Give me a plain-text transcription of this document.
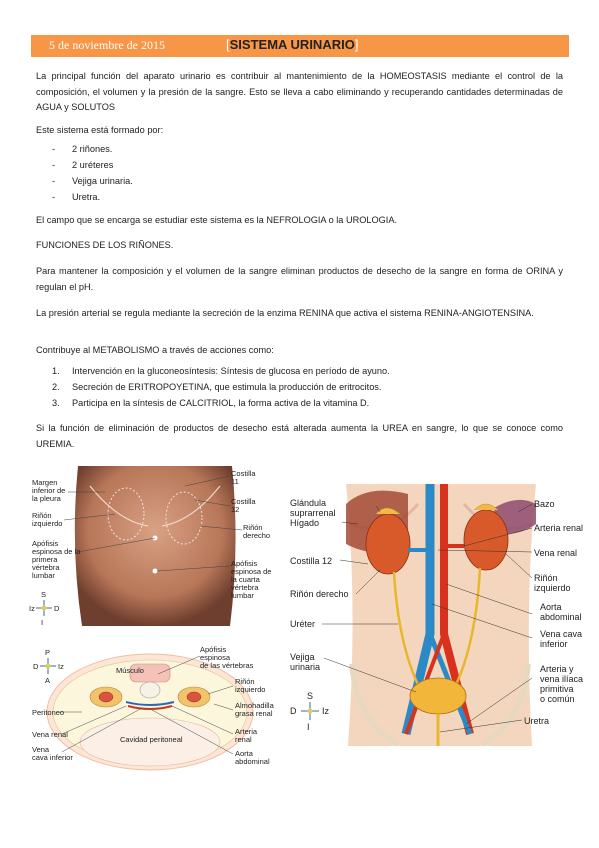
5 de noviembre de 2015	[SISTEMA URINARIO]
La principal función del aparato urinario es contribuir al mantenimiento de la HOMEOSTASIS mediante el control de la composición, el volumen y la presión de la sangre. Esto se lleva a cabo eliminando y recuperando cantidades determinadas de AGUA y SOLUTOS
Este sistema está formado por:
- 2 riñones.
- 2 uréteres
- Vejiga urinaria.
- Uretra.
El campo que se encarga se estudiar este sistema es la NEFROLOGIA o la UROLOGIA.
FUNCIONES DE LOS RIÑONES.
Para mantener la composición y el volumen de la sangre eliminan productos de desecho de la sangre en forma de ORINA y regulan el pH.
La presión arterial se regula mediante la secreción de la enzima RENINA que activa el sistema RENINA-ANGIOTENSINA.
Contribuye al METABOLISMO a través de acciones como:
1. Intervención en la gluconeosíntesis: Síntesis de glucosa en período de ayuno.
2. Secreción de ERITROPOYETINA, que estimula la producción de eritrocitos.
3. Participa en la síntesis de CALCITRIOL, la forma activa de la vitamina D.
Si la función de eliminación de productos de desecho está alterada aumenta la UREA en sangre, lo que se conoce como UREMIA.
Margen inferior de la pleura
Riñón izquierdo
Apófisis espinosa de la primera vértebra lumbar
Costilla 11
Costilla 12
Riñón derecho
Apófisis espinosa de la cuarta vértebra lumbar
S
I
Iz	D
Músculo
Apófisis espinosa de las vértebras
Riñón izquierdo
Almohadilla grasa renal
Peritoneo
Vena renal
Vena cava inferior
Cavidad peritoneal
Arteria renal
Aorta abdominal
P
A
D	Iz
Glándula suprarrenal
Hígado
Costilla 12
Riñón derecho
Uréter
Vejiga urinaria
Bazo
Arteria renal
Vena renal
Riñón izquierdo
Aorta abdominal
Vena cava inferior
Arteria y vena ilíaca primitiva o común
Uretra
S
I
D	Iz
